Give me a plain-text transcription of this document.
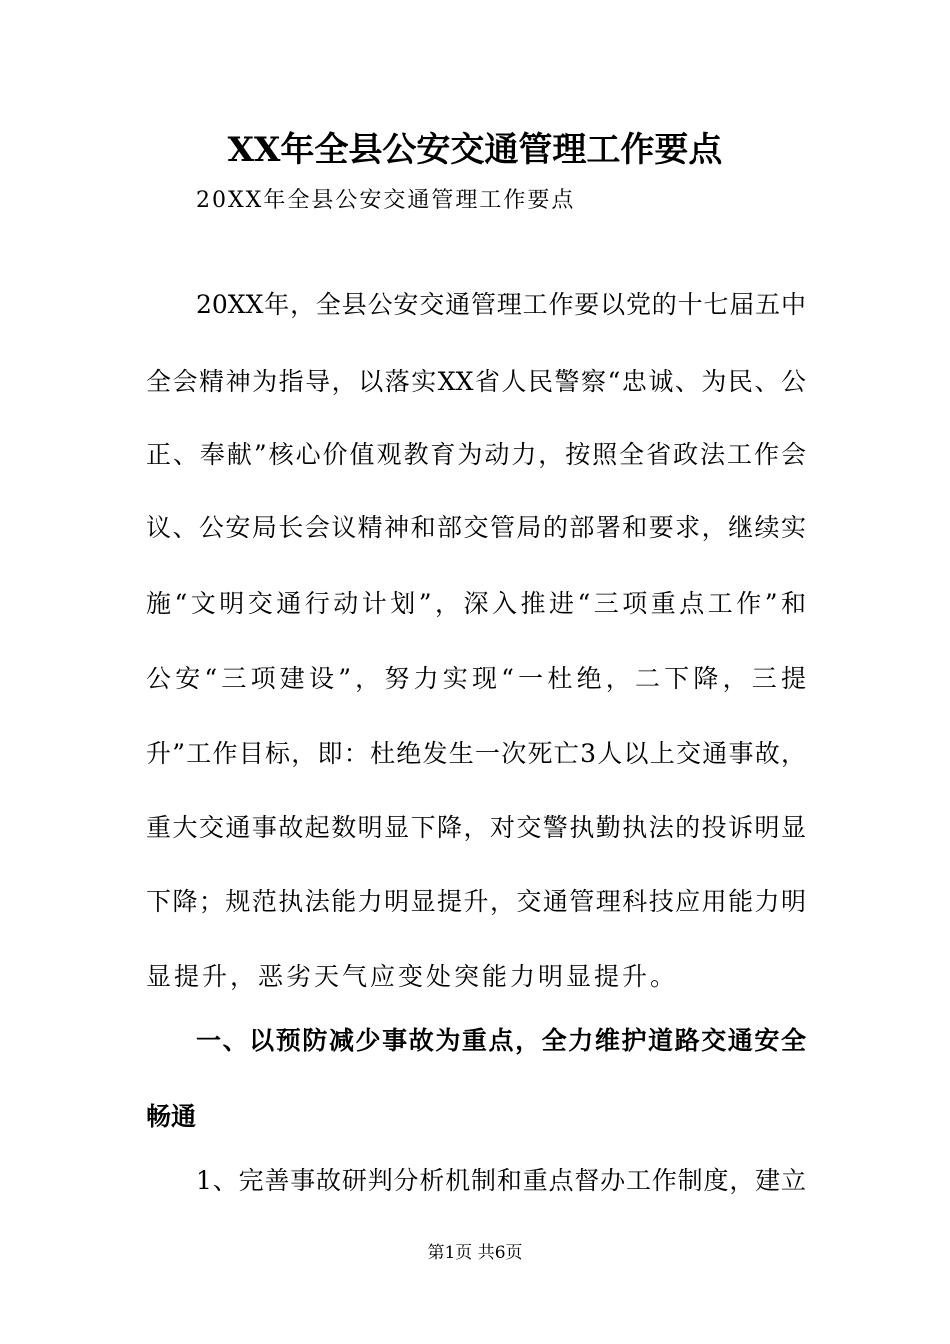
XX年全县公安交通管理工作要点
20XX年全县公安交通管理工作要点
20XX年，全县公安交通管理工作要以党的十七届五中
全会精神为指导，以落实XX省人民警察“忠诚、为民、公
正、奉献”核心价值观教育为动力，按照全省政法工作会
议、公安局长会议精神和部交管局的部署和要求，继续实
施“文明交通行动计划”，深入推进“三项重点工作”和
公安“三项建设”，努力实现“一杜绝，二下降，三提
升”工作目标，即：杜绝发生一次死亡3人以上交通事故，
重大交通事故起数明显下降，对交警执勤执法的投诉明显
下降；规范执法能力明显提升，交通管理科技应用能力明
显提升，恶劣天气应变处突能力明显提升。
一、以预防减少事故为重点，全力维护道路交通安全
畅通
1、完善事故研判分析机制和重点督办工作制度，建立
第1页 共6页
